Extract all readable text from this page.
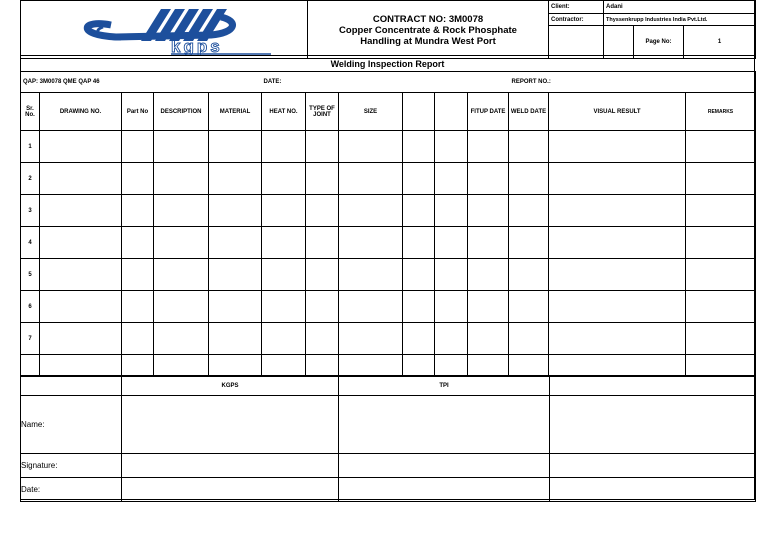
kgps	CONTRACT NO: 3M0078
Copper Concentrate & Rock Phosphate
Handling at Mundra West Port	Client:	Adani		
		Contractor:	Thyssenkrupp Industries India Pvt.Ltd.		
				Page No:	1

Welding Inspection Report
QAP: 3M0078 QME QAP 46	DATE:	REPORT NO.:
Sr. No.	DRAWING NO.	Part No	DESCRIPTION	MATERIAL	HEAT NO.	TYPE OF JOINT	SIZE			FITUP DATE	WELD DATE	VISUAL RESULT	REMARKS
1													
2													
3													
4													
5													
6													
7													

	KGPS	TPI	
Name:			
Signature:			
Date:			
